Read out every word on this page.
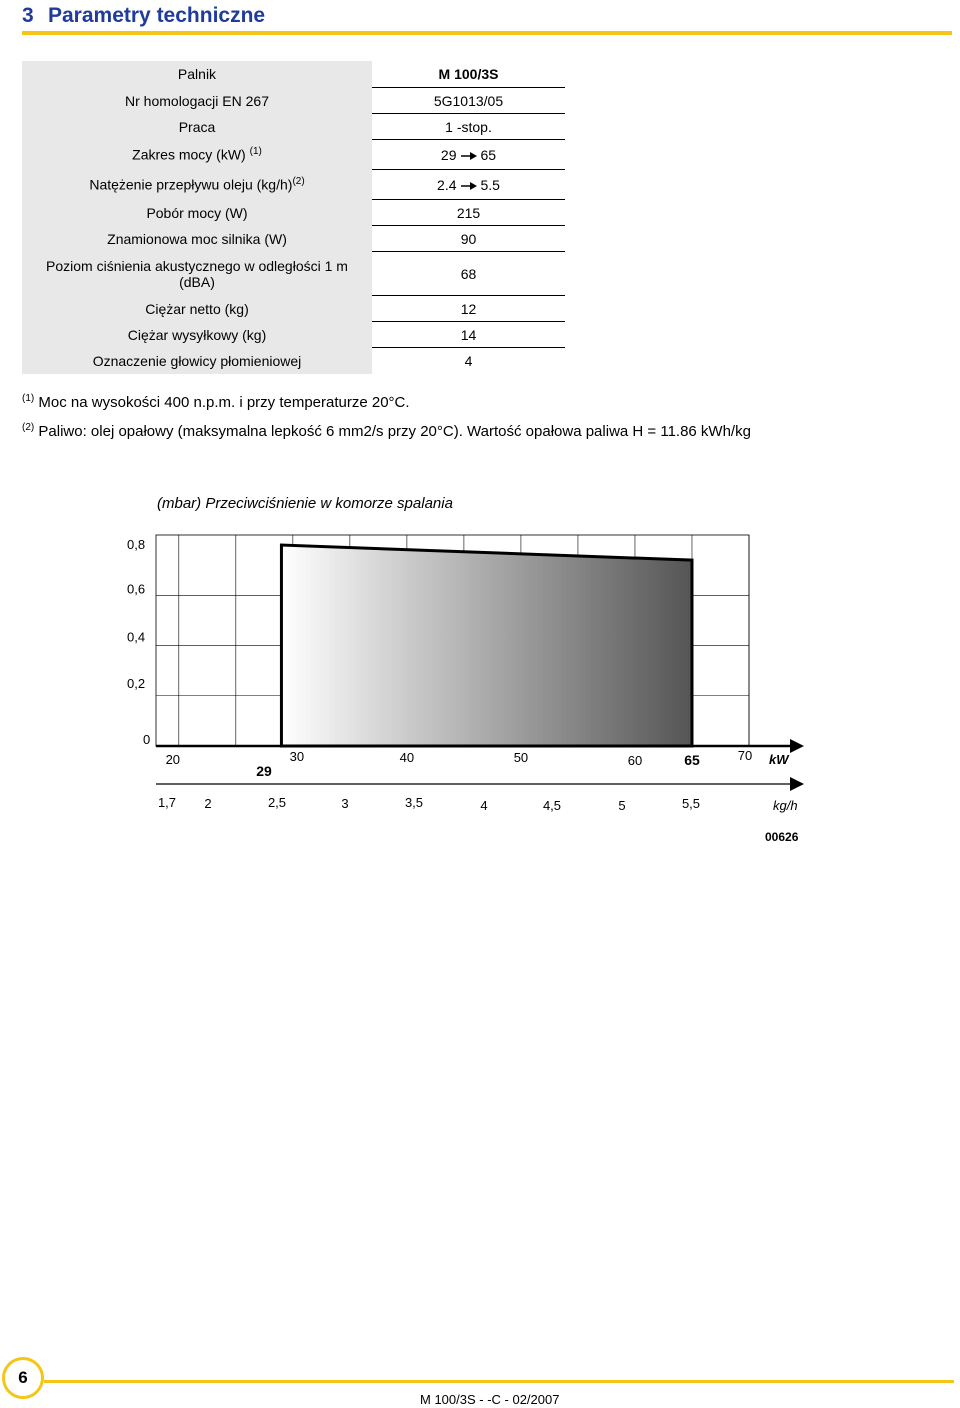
3 Parametry techniczne
Palnik	M 100/3S
Nr homologacji EN 267	5G1013/05
Praca	1 -stop.
Zakres mocy (kW) $^{(1)}$	29 65
Natężenie przepływu oleju $(kg/h)^{(2)}$	2.4 5.5
Pobór mocy (W)	215
Znamionowa moc silnika (W)	90

Poziom ciśnienia akustycznego w odległości 1 m
(dBA)	68
Ciężar netto (kg)	12
Ciężar wysyłkowy (kg)	14
Oznaczenie głowicy płomieniowej	4
$^{(1)}$ Moc na wysokości 400 n.p.m. i przy temperaturze 20°C.
$^{(2)}$ Paliwo: olej opałowy (maksymalna lepkość 6 mm2/s przy 20°C). Wartość opałowa paliwa H = 11.86 kWh/kg
(mbar) Przeciwciśnienie w komorze spalania
0,8
0,6
0,4
0,2
0
20	30	40	50	60	70
29
65	kW
1,7 2	2,5	3	3,5	4	4,5	5	5,5	kg/h
00626
6
M 100/3S - -C - 02/2007
